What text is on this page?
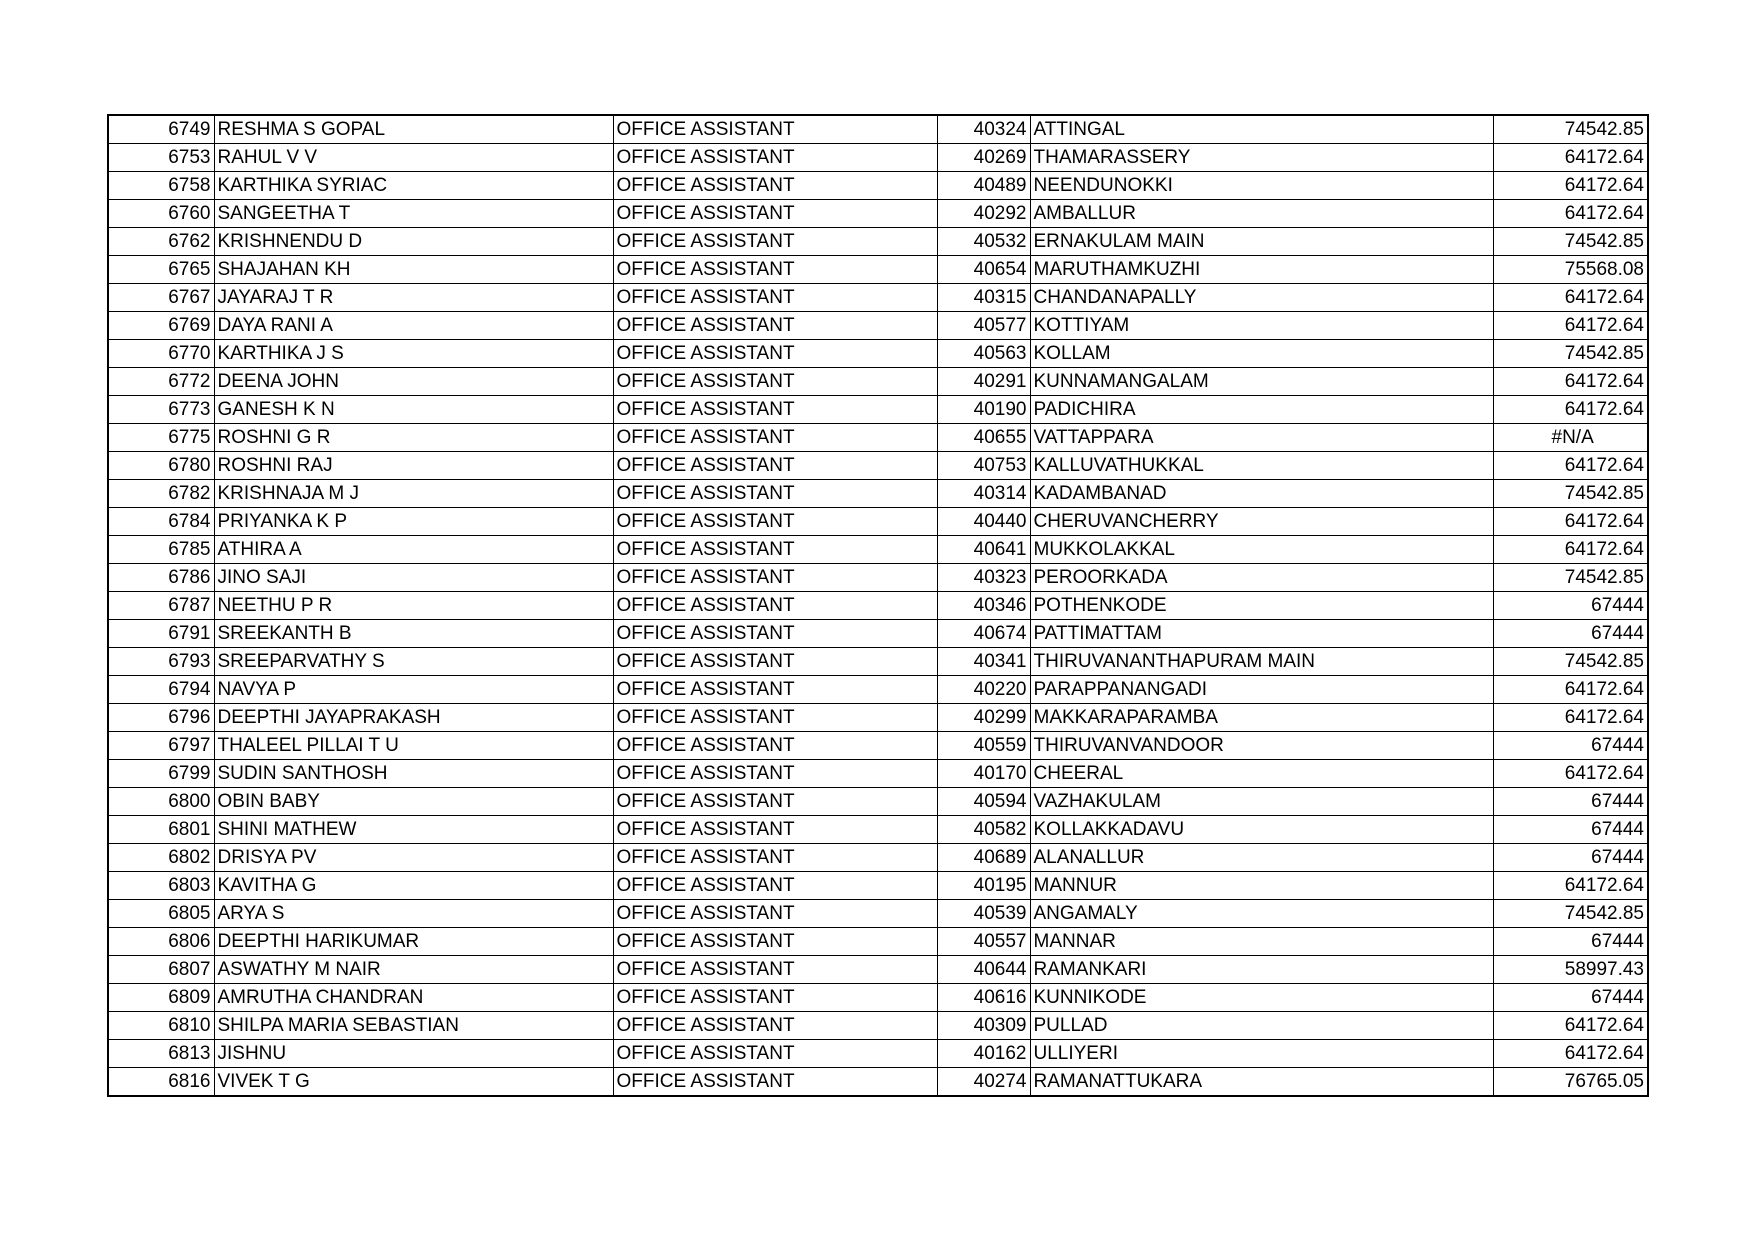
6749	RESHMA S GOPAL	OFFICE ASSISTANT	40324	ATTINGAL	74542.85
6753	RAHUL V V	OFFICE ASSISTANT	40269	THAMARASSERY	64172.64
6758	KARTHIKA SYRIAC	OFFICE ASSISTANT	40489	NEENDUNOKKI	64172.64
6760	SANGEETHA T	OFFICE ASSISTANT	40292	AMBALLUR	64172.64
6762	KRISHNENDU D	OFFICE ASSISTANT	40532	ERNAKULAM MAIN	74542.85
6765	SHAJAHAN KH	OFFICE ASSISTANT	40654	MARUTHAMKUZHI	75568.08
6767	JAYARAJ T R	OFFICE ASSISTANT	40315	CHANDANAPALLY	64172.64
6769	DAYA RANI A	OFFICE ASSISTANT	40577	KOTTIYAM	64172.64
6770	KARTHIKA J S	OFFICE ASSISTANT	40563	KOLLAM	74542.85
6772	DEENA JOHN	OFFICE ASSISTANT	40291	KUNNAMANGALAM	64172.64
6773	GANESH K N	OFFICE ASSISTANT	40190	PADICHIRA	64172.64
6775	ROSHNI G R	OFFICE ASSISTANT	40655	VATTAPPARA	#N/A
6780	ROSHNI RAJ	OFFICE ASSISTANT	40753	KALLUVATHUKKAL	64172.64
6782	KRISHNAJA M J	OFFICE ASSISTANT	40314	KADAMBANAD	74542.85
6784	PRIYANKA K P	OFFICE ASSISTANT	40440	CHERUVANCHERRY	64172.64
6785	ATHIRA A	OFFICE ASSISTANT	40641	MUKKOLAKKAL	64172.64
6786	JINO SAJI	OFFICE ASSISTANT	40323	PEROORKADA	74542.85
6787	NEETHU P R	OFFICE ASSISTANT	40346	POTHENKODE	67444
6791	SREEKANTH B	OFFICE ASSISTANT	40674	PATTIMATTAM	67444
6793	SREEPARVATHY S	OFFICE ASSISTANT	40341	THIRUVANANTHAPURAM MAIN	74542.85
6794	NAVYA P	OFFICE ASSISTANT	40220	PARAPPANANGADI	64172.64
6796	DEEPTHI JAYAPRAKASH	OFFICE ASSISTANT	40299	MAKKARAPARAMBA	64172.64
6797	THALEEL PILLAI T U	OFFICE ASSISTANT	40559	THIRUVANVANDOOR	67444
6799	SUDIN SANTHOSH	OFFICE ASSISTANT	40170	CHEERAL	64172.64
6800	OBIN BABY	OFFICE ASSISTANT	40594	VAZHAKULAM	67444
6801	SHINI MATHEW	OFFICE ASSISTANT	40582	KOLLAKKADAVU	67444
6802	DRISYA PV	OFFICE ASSISTANT	40689	ALANALLUR	67444
6803	KAVITHA G	OFFICE ASSISTANT	40195	MANNUR	64172.64
6805	ARYA S	OFFICE ASSISTANT	40539	ANGAMALY	74542.85
6806	DEEPTHI HARIKUMAR	OFFICE ASSISTANT	40557	MANNAR	67444
6807	ASWATHY M NAIR	OFFICE ASSISTANT	40644	RAMANKARI	58997.43
6809	AMRUTHA CHANDRAN	OFFICE ASSISTANT	40616	KUNNIKODE	67444
6810	SHILPA MARIA SEBASTIAN	OFFICE ASSISTANT	40309	PULLAD	64172.64
6813	JISHNU	OFFICE ASSISTANT	40162	ULLIYERI	64172.64
6816	VIVEK T G	OFFICE ASSISTANT	40274	RAMANATTUKARA	76765.05
